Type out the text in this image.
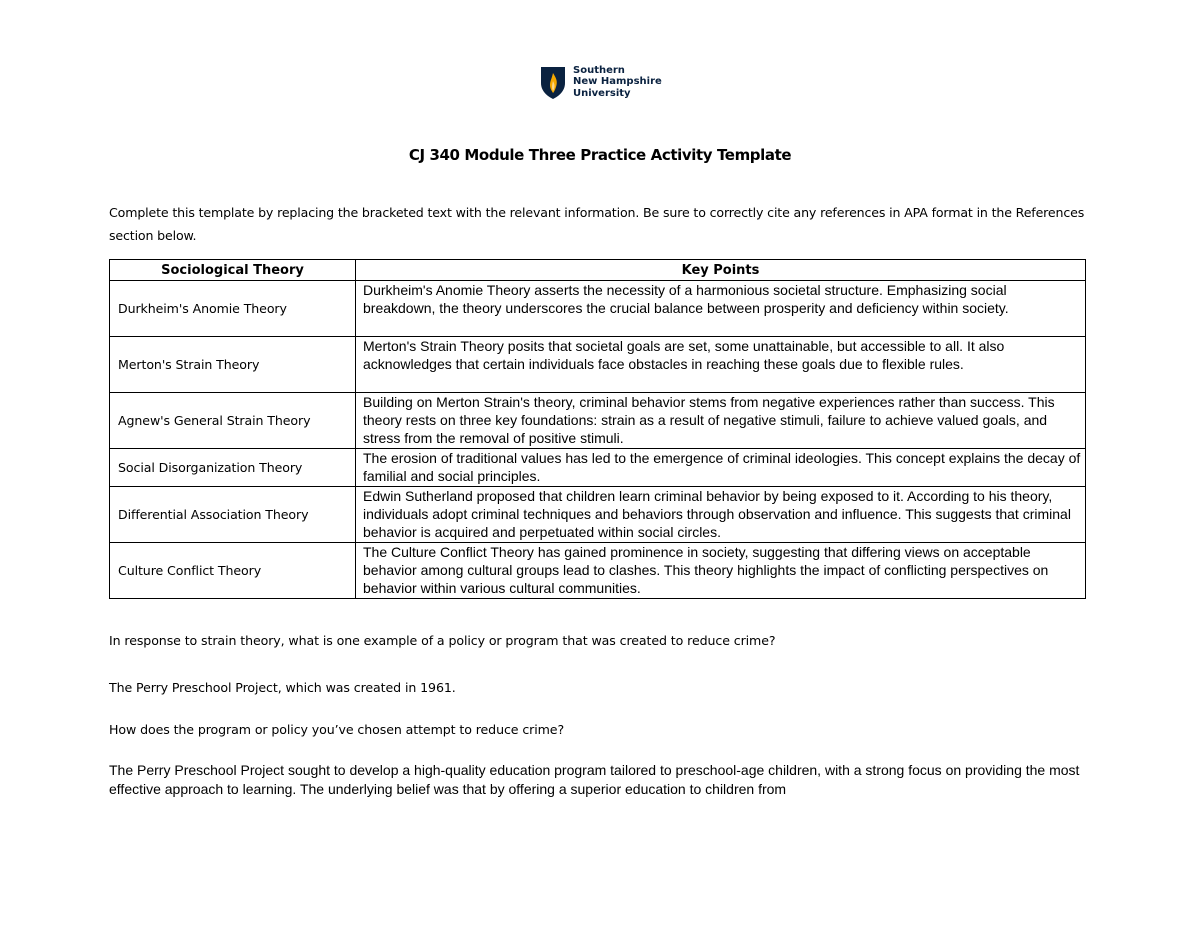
Southern
New Hampshire
University
CJ 340 Module Three Practice Activity Template
Complete this template by replacing the bracketed text with the relevant information. Be sure to correctly cite any references in APA format in the References section below.
Sociological Theory	Key Points
Durkheim's Anomie Theory	Durkheim's Anomie Theory asserts the necessity of a harmonious societal structure. Emphasizing social breakdown, the theory underscores the crucial balance between prosperity and deficiency within society.
Merton's Strain Theory	Merton's Strain Theory posits that societal goals are set, some unattainable, but accessible to all. It also acknowledges that certain individuals face obstacles in reaching these goals due to flexible rules.
Agnew's General Strain Theory	Building on Merton Strain's theory, criminal behavior stems from negative experiences rather than success. This theory rests on three key foundations: strain as a result of negative stimuli, failure to achieve valued goals, and stress from the removal of positive stimuli.
Social Disorganization Theory	The erosion of traditional values has led to the emergence of criminal ideologies. This concept explains the decay of familial and social principles.
Differential Association Theory	Edwin Sutherland proposed that children learn criminal behavior by being exposed to it. According to his theory, individuals adopt criminal techniques and behaviors through observation and influence. This suggests that criminal behavior is acquired and perpetuated within social circles.
Culture Conflict Theory	The Culture Conflict Theory has gained prominence in society, suggesting that differing views on acceptable behavior among cultural groups lead to clashes. This theory highlights the impact of conflicting perspectives on behavior within various cultural communities.
In response to strain theory, what is one example of a policy or program that was created to reduce crime?
The Perry Preschool Project, which was created in 1961.
How does the program or policy you’ve chosen attempt to reduce crime?
The Perry Preschool Project sought to develop a high-quality education program tailored to preschool-age children, with a strong focus on providing the most effective approach to learning. The underlying belief was that by offering a superior education to children from
